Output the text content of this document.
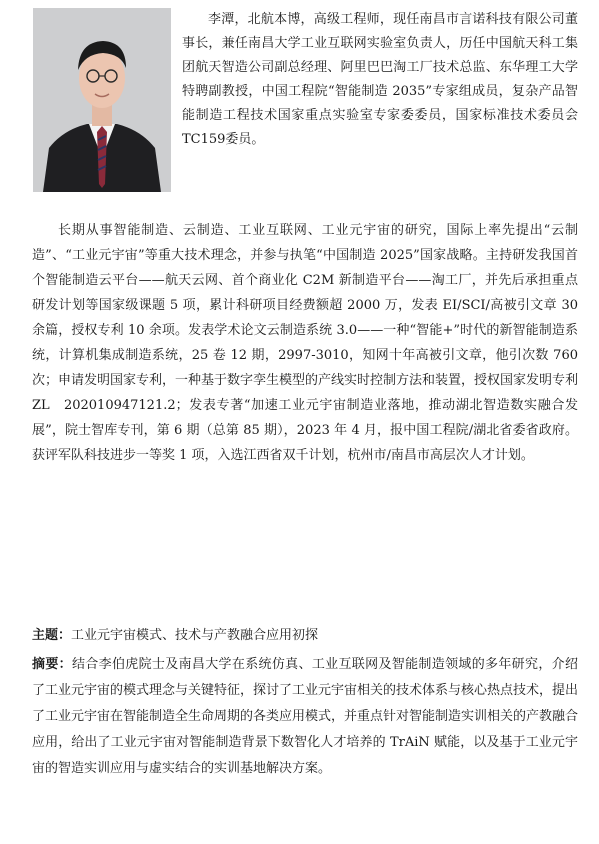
李潭，北航本博，高级工程师，现任南昌市言诺科技有限公司董事长，兼任南昌大学工业互联网实验室负责人，历任中国航天科工集团航天智造公司副总经理、阿里巴巴淘工厂技术总监、东华理工大学特聘副教授，中国工程院“智能制造 2035”专家组成员，复杂产品智能制造工程技术国家重点实验室专家委委员，国家标准技术委员会TC159委员。

长期从事智能制造、云制造、工业互联网、工业元宇宙的研究，国际上率先提出“云制造”、“工业元宇宙”等重大技术理念，并参与执笔“中国制造 2025”国家战略。主持研发我国首个智能制造云平台——航天云网、首个商业化 C2M 新制造平台——淘工厂，并先后承担重点研发计划等国家级课题 5 项，累计科研项目经费额超 2000 万，发表 EI/SCI/高被引文章 30 余篇，授权专利 10 余项。发表学术论文云制造系统 3.0——一种“智能+”时代的新智能制造系统，计算机集成制造系统，25 卷 12 期，2997-3010，知网十年高被引文章，他引次数 760 次；申请发明国家专利，一种基于数字孪生模型的产线实时控制方法和装置，授权国家发明专利 ZL　202010947121.2；发表专著“加速工业元宇宙制造业落地，推动湖北智造数实融合发展”，院士智库专刊，第 6 期（总第 85 期），2023 年 4 月，报中国工程院/湖北省委省政府。获评军队科技进步一等奖 1 项，入选江西省双千计划，杭州市/南昌市高层次人才计划。

主题：工业元宇宙模式、技术与产教融合应用初探

摘要：结合李伯虎院士及南昌大学在系统仿真、工业互联网及智能制造领域的多年研究，介绍了工业元宇宙的模式理念与关键特征，探讨了工业元宇宙相关的技术体系与核心热点技术，提出了工业元宇宙在智能制造全生命周期的各类应用模式，并重点针对智能制造实训相关的产教融合应用，给出了工业元宇宙对智能制造背景下数智化人才培养的 TrAiN 赋能，以及基于工业元宇宙的智造实训应用与虚实结合的实训基地解决方案。
